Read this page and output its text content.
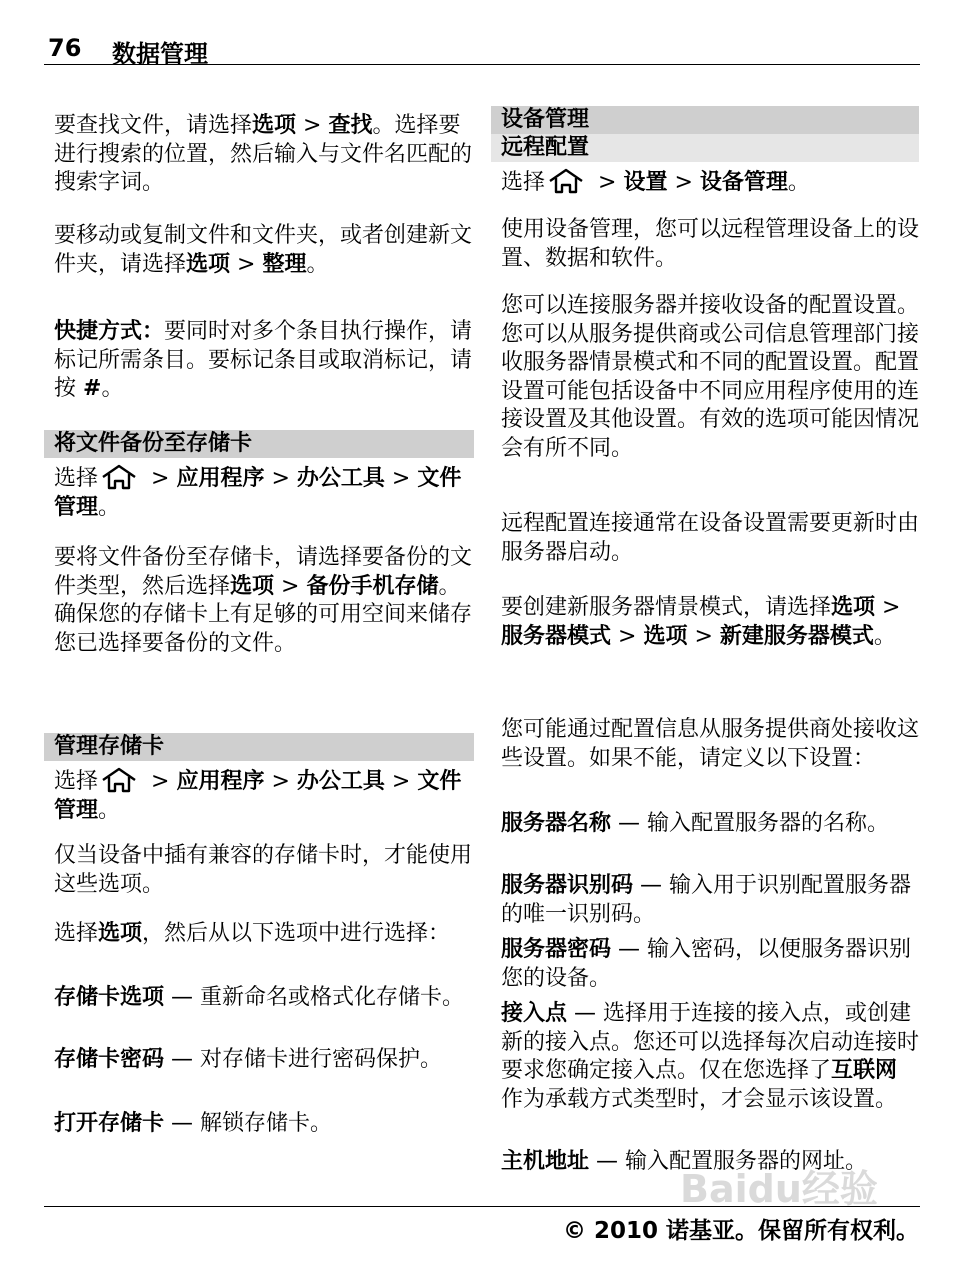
76 数据管理

要查找文件，请选择选项 > 查找。选择要进行搜索的位置，然后输入与文件名匹配的搜索字词。

要移动或复制文件和文件夹，或者创建新文件夹，请选择选项 > 整理。

快捷方式：要同时对多个条目执行操作，请标记所需条目。要标记条目或取消标记，请按 #。

将文件备份至存储卡

选择 > 应用程序 > 办公工具 > 文件管理。

要将文件备份至存储卡，请选择要备份的文件类型，然后选择选项 > 备份手机存储。 确保您的存储卡上有足够的可用空间来储存您已选择要备份的文件。

管理存储卡

选择 > 应用程序 > 办公工具 > 文件管理。

仅当设备中插有兼容的存储卡时，才能使用这些选项。

选择选项，然后从以下选项中进行选择：

存储卡选项 — 重新命名或格式化存储卡。

存储卡密码 — 对存储卡进行密码保护。

打开存储卡 — 解锁存储卡。

设备管理
远程配置

选择 > 设置 > 设备管理。

使用设备管理，您可以远程管理设备上的设置、数据和软件。

您可以连接服务器并接收设备的配置设置。您可以从服务提供商或公司信息管理部门接收服务器情景模式和不同的配置设置。配置设置可能包括设备中不同应用程序使用的连接设置及其他设置。有效的选项可能因情况会有所不同。

远程配置连接通常在设备设置需要更新时由服务器启动。

要创建新服务器情景模式，请选择选项 > 服务器模式 > 选项 > 新建服务器模式。

您可能通过配置信息从服务提供商处接收这些设置。如果不能，请定义以下设置：

服务器名称 — 输入配置服务器的名称。

服务器识别码 — 输入用于识别配置服务器的唯一识别码。

服务器密码 — 输入密码，以便服务器识别您的设备。

接入点 — 选择用于连接的接入点，或创建新的接入点。您还可以选择每次启动连接时要求您确定接入点。仅在您选择了互联网作为承载方式类型时，才会显示该设置。

主机地址 — 输入配置服务器的网址。

Baidu经验
© 2010 诺基亚。保留所有权利。
